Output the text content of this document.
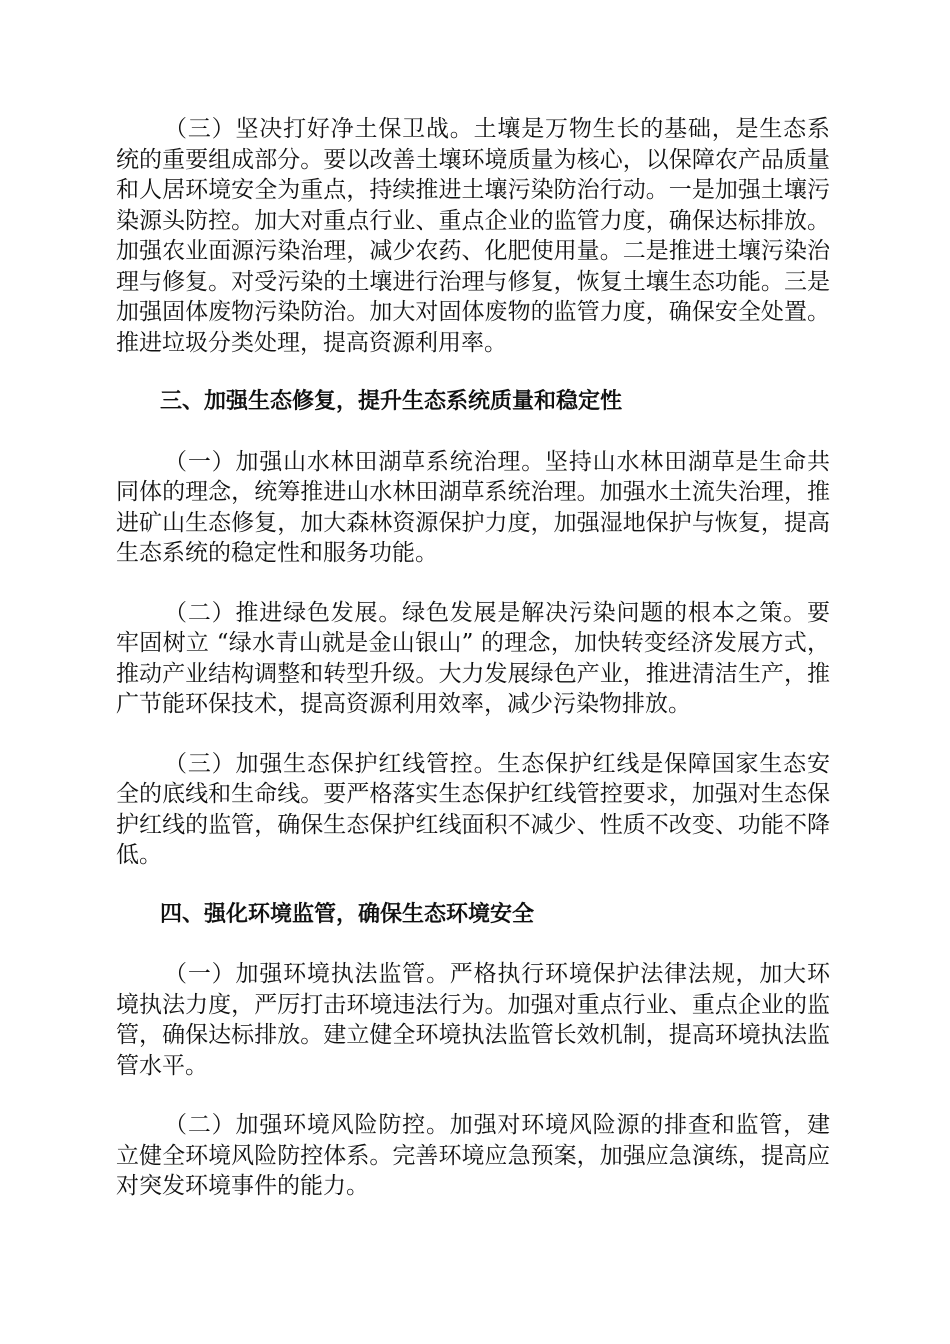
（三）坚决打好净土保卫战。土壤是万物生长的基础，是生态系统的重要组成部分。要以改善土壤环境质量为核心，以保障农产品质量和人居环境安全为重点，持续推进土壤污染防治行动。一是加强土壤污染源头防控。加大对重点行业、重点企业的监管力度，确保达标排放。加强农业面源污染治理，减少农药、化肥使用量。二是推进土壤污染治理与修复。对受污染的土壤进行治理与修复，恢复土壤生态功能。三是加强固体废物污染防治。加大对固体废物的监管力度，确保安全处置。推进垃圾分类处理，提高资源利用率。

三、加强生态修复，提升生态系统质量和稳定性

（一）加强山水林田湖草系统治理。坚持山水林田湖草是生命共同体的理念，统筹推进山水林田湖草系统治理。加强水土流失治理，推进矿山生态修复，加大森林资源保护力度，加强湿地保护与恢复，提高生态系统的稳定性和服务功能。

（二）推进绿色发展。绿色发展是解决污染问题的根本之策。要牢固树立 “绿水青山就是金山银山” 的理念，加快转变经济发展方式，推动产业结构调整和转型升级。大力发展绿色产业，推进清洁生产，推广节能环保技术，提高资源利用效率，减少污染物排放。

（三）加强生态保护红线管控。生态保护红线是保障国家生态安全的底线和生命线。要严格落实生态保护红线管控要求，加强对生态保护红线的监管，确保生态保护红线面积不减少、性质不改变、功能不降低。

四、强化环境监管，确保生态环境安全

（一）加强环境执法监管。严格执行环境保护法律法规，加大环境执法力度，严厉打击环境违法行为。加强对重点行业、重点企业的监管，确保达标排放。建立健全环境执法监管长效机制，提高环境执法监管水平。

（二）加强环境风险防控。加强对环境风险源的排查和监管，建立健全环境风险防控体系。完善环境应急预案，加强应急演练，提高应对突发环境事件的能力。
